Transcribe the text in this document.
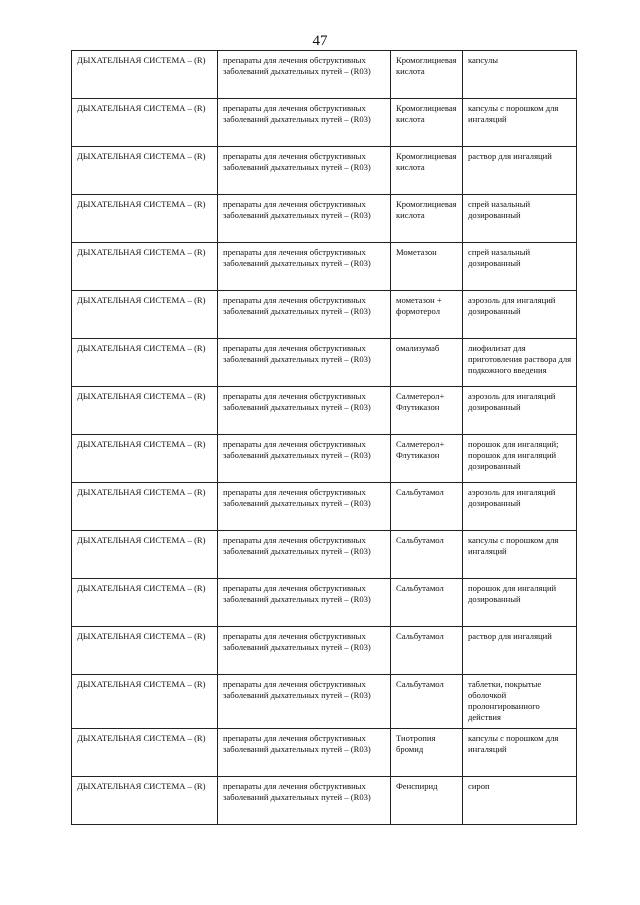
47
ДЫХАТЕЛЬНАЯ СИСТЕМА – (R)	препараты для лечения обструктивных заболеваний дыхательных путей – (R03)	Кромоглициевая кислота	капсулы
ДЫХАТЕЛЬНАЯ СИСТЕМА – (R)	препараты для лечения обструктивных заболеваний дыхательных путей – (R03)	Кромоглициевая кислота	капсулы с порошком для ингаляций
ДЫХАТЕЛЬНАЯ СИСТЕМА – (R)	препараты для лечения обструктивных заболеваний дыхательных путей – (R03)	Кромоглициевая кислота	раствор для ингаляций
ДЫХАТЕЛЬНАЯ СИСТЕМА – (R)	препараты для лечения обструктивных заболеваний дыхательных путей – (R03)	Кромоглициевая кислота	спрей назальный дозированный
ДЫХАТЕЛЬНАЯ СИСТЕМА – (R)	препараты для лечения обструктивных заболеваний дыхательных путей – (R03)	Мометазон	спрей назальный дозированный
ДЫХАТЕЛЬНАЯ СИСТЕМА – (R)	препараты для лечения обструктивных заболеваний дыхательных путей – (R03)	мометазон + формотерол	аэрозоль для ингаляций дозированный
ДЫХАТЕЛЬНАЯ СИСТЕМА – (R)	препараты для лечения обструктивных заболеваний дыхательных путей – (R03)	омализумаб	лиофилизат для приготовления раствора для подкожного введения
ДЫХАТЕЛЬНАЯ СИСТЕМА – (R)	препараты для лечения обструктивных заболеваний дыхательных путей – (R03)	Салметерол+ Флутиказон	аэрозоль для ингаляций дозированный
ДЫХАТЕЛЬНАЯ СИСТЕМА – (R)	препараты для лечения обструктивных заболеваний дыхательных путей – (R03)	Салметерол+ Флутиказон	порошок для ингаляций; порошок для ингаляций дозированный
ДЫХАТЕЛЬНАЯ СИСТЕМА – (R)	препараты для лечения обструктивных заболеваний дыхательных путей – (R03)	Сальбутамол	аэрозоль для ингаляций дозированный
ДЫХАТЕЛЬНАЯ СИСТЕМА – (R)	препараты для лечения обструктивных заболеваний дыхательных путей – (R03)	Сальбутамол	капсулы с порошком для ингаляций
ДЫХАТЕЛЬНАЯ СИСТЕМА – (R)	препараты для лечения обструктивных заболеваний дыхательных путей – (R03)	Сальбутамол	порошок для ингаляций дозированный
ДЫХАТЕЛЬНАЯ СИСТЕМА – (R)	препараты для лечения обструктивных заболеваний дыхательных путей – (R03)	Сальбутамол	раствор для ингаляций
ДЫХАТЕЛЬНАЯ СИСТЕМА – (R)	препараты для лечения обструктивных заболеваний дыхательных путей – (R03)	Сальбутамол	таблетки, покрытые оболочкой пролонгированного действия
ДЫХАТЕЛЬНАЯ СИСТЕМА – (R)	препараты для лечения обструктивных заболеваний дыхательных путей – (R03)	Тиотропия бромид	капсулы с порошком для ингаляций
ДЫХАТЕЛЬНАЯ СИСТЕМА – (R)	препараты для лечения обструктивных заболеваний дыхательных путей – (R03)	Фенспирид	сироп
